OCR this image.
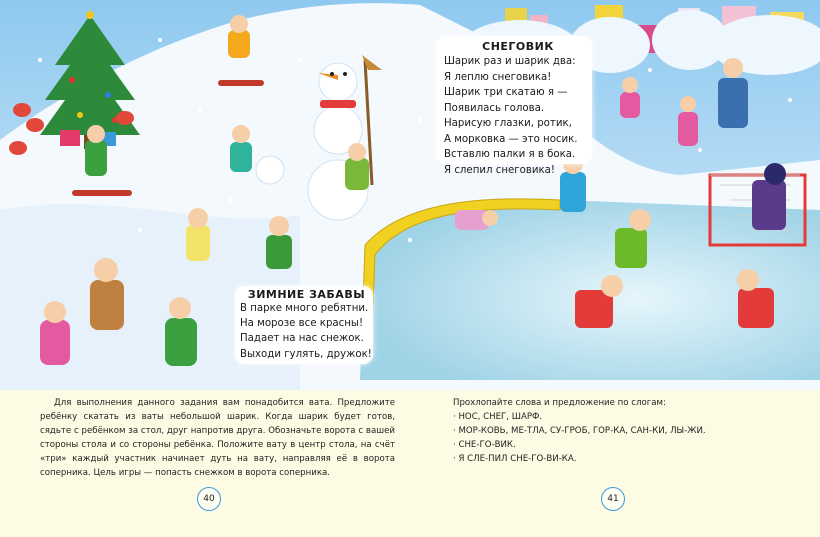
СНЕГОВИК
Шарик раз и шарик два:
Я леплю снеговика!
Шарик три скатаю я —
Появилась голова.
Нарисую глазки, ротик,
А морковка — это носик.
Вставлю палки я в бока.
Я слепил снеговика!
ЗИМНИЕ ЗАБАВЫ
В парке много ребятни.
На морозе все красны!
Падает на нас снежок.
Выходи гулять, дружок!
Для выполнения данного задания вам понадобится вата. Предложите ребёнку скатать из ваты небольшой шарик. Когда шарик будет готов, сядьте с ребёнком за стол, друг напротив друга. Обозначьте ворота с вашей стороны стола и со стороны ребёнка. Положите вату в центр стола, на счёт «три» каждый участник начинает дуть на вату, направляя её в ворота соперника. Цель игры — попасть снежком в ворота соперника.
Прохлопайте слова и предложение по слогам:
· НОС, СНЕГ, ШАРФ.
· МОР-КОВЬ, МЕ-ТЛА, СУ-ГРОБ, ГОР-КА, САН-КИ, ЛЫ-ЖИ.
· СНЕ-ГО-ВИК.
· Я СЛЕ-ПИЛ СНЕ-ГО-ВИ-КА.
40	41
